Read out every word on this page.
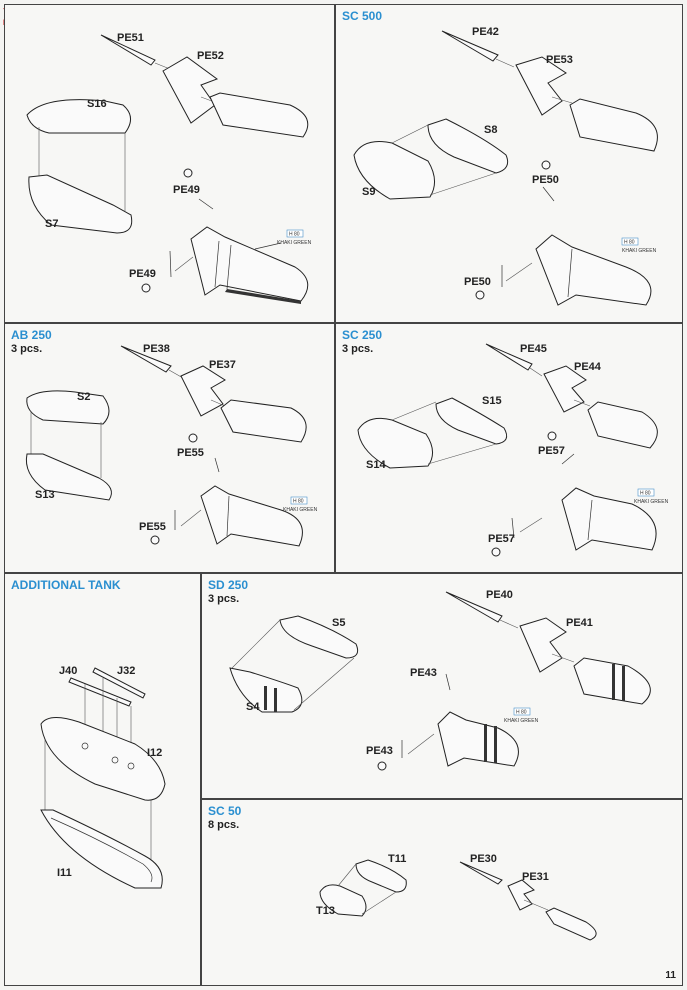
H 80
KHAKI GREEN
PE51
PE52
S16
S7
PE49
PE49
SC 500
H 80
KHAKI GREEN
PE42
PE53
S8
S9
PE50
PE50
AB 250
3 pcs.
H 80
KHAKI GREEN
PE38
PE37
S2
S13
PE55
PE55
SC 250
3 pcs.
H 80
KHAKI GREEN
PE45
PE44
S15
S14
PE57
PE57
ADDITIONAL TANK
J40	J32
I12
I11
SD 250
3 pcs.
H 80
KHAKI GREEN
PE40
PE41
S5
S4
PE43
PE43
SC 50
8 pcs.
T11
T13
PE30
PE31
11
